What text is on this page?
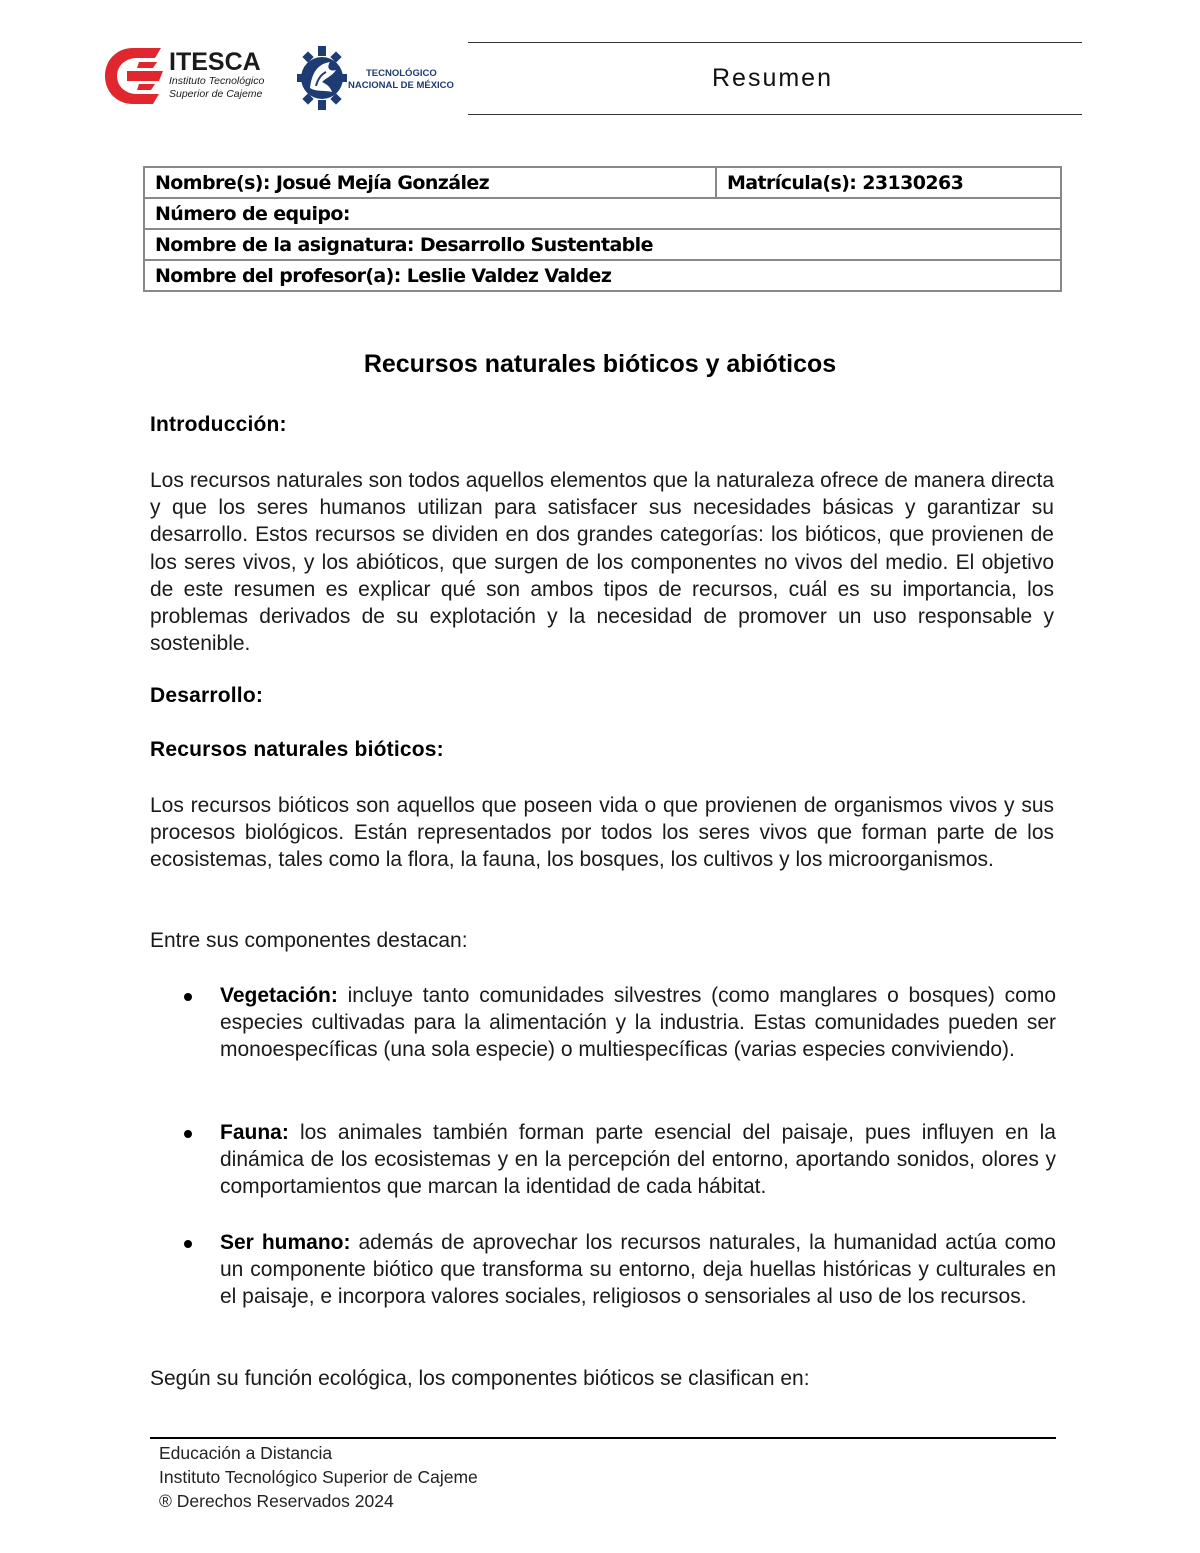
ITESCA
Instituto Tecnológico
Superior de Cajeme
TECNOLÓGICO
NACIONAL DE MÉXICO	Resumen
Nombre(s): Josué Mejía González	Matrícula(s): 23130263
Número de equipo:
Nombre de la asignatura: Desarrollo Sustentable
Nombre del profesor(a): Leslie Valdez Valdez
Recursos naturales bióticos y abióticos
Introducción:

Los recursos naturales son todos aquellos elementos que la naturaleza ofrece de manera directa y que los seres humanos utilizan para satisfacer sus necesidades básicas y garantizar su desarrollo. Estos recursos se dividen en dos grandes categorías: los bióticos, que provienen de los seres vivos, y los abióticos, que surgen de los componentes no vivos del medio. El objetivo de este resumen es explicar qué son ambos tipos de recursos, cuál es su importancia, los problemas derivados de su explotación y la necesidad de promover un uso responsable y sostenible.

Desarrollo:
Recursos naturales bióticos:

Los recursos bióticos son aquellos que poseen vida o que provienen de organismos vivos y sus procesos biológicos. Están representados por todos los seres vivos que forman parte de los ecosistemas, tales como la flora, la fauna, los bosques, los cultivos y los microorganismos.

Entre sus componentes destacan:

Vegetación: incluye tanto comunidades silvestres (como manglares o bosques) como especies cultivadas para la alimentación y la industria. Estas comunidades pueden ser monoespecíficas (una sola especie) o multiespecíficas (varias especies conviviendo).

Fauna: los animales también forman parte esencial del paisaje, pues influyen en la dinámica de los ecosistemas y en la percepción del entorno, aportando sonidos, olores y comportamientos que marcan la identidad de cada hábitat.

Ser humano: además de aprovechar los recursos naturales, la humanidad actúa como un componente biótico que transforma su entorno, deja huellas históricas y culturales en el paisaje, e incorpora valores sociales, religiosos o sensoriales al uso de los recursos.

Según su función ecológica, los componentes bióticos se clasifican en:

Educación a Distancia
Instituto Tecnológico Superior de Cajeme
® Derechos Reservados 2024
